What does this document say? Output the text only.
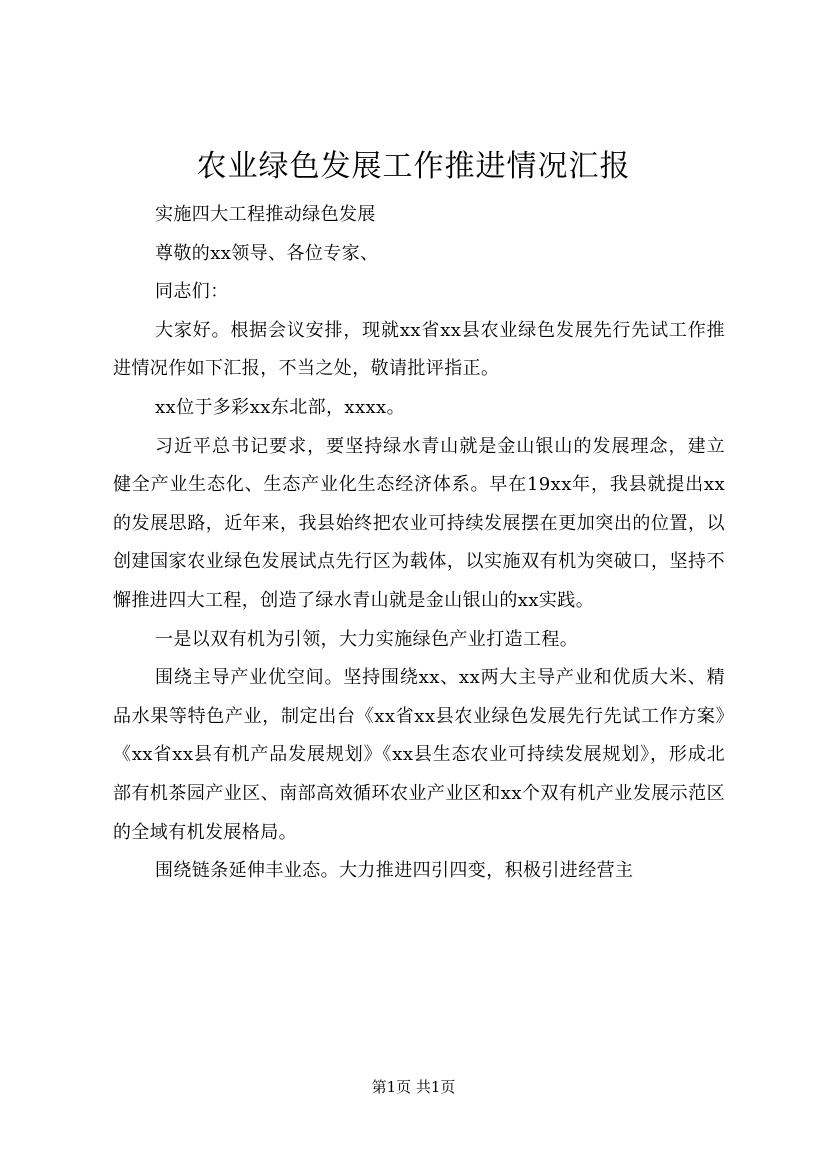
农业绿色发展工作推进情况汇报

实施四大工程推动绿色发展

尊敬的xx领导、各位专家、

同志们：

大家好。根据会议安排，现就xx省xx县农业绿色发展先行先试工作推进情况作如下汇报，不当之处，敬请批评指正。

xx位于多彩xx东北部，xxxx。

习近平总书记要求，要坚持绿水青山就是金山银山的发展理念，建立健全产业生态化、生态产业化生态经济体系。早在19xx年，我县就提出xx的发展思路，近年来，我县始终把农业可持续发展摆在更加突出的位置，以创建国家农业绿色发展试点先行区为载体，以实施双有机为突破口，坚持不懈推进四大工程，创造了绿水青山就是金山银山的xx实践。

一是以双有机为引领，大力实施绿色产业打造工程。

围绕主导产业优空间。坚持围绕xx、xx两大主导产业和优质大米、精品水果等特色产业，制定出台《xx省xx县农业绿色发展先行先试工作方案》《xx省xx县有机产品发展规划》《xx县生态农业可持续发展规划》，形成北部有机茶园产业区、南部高效循环农业产业区和xx个双有机产业发展示范区的全域有机发展格局。

围绕链条延伸丰业态。大力推进四引四变，积极引进经营主

第1页 共1页
